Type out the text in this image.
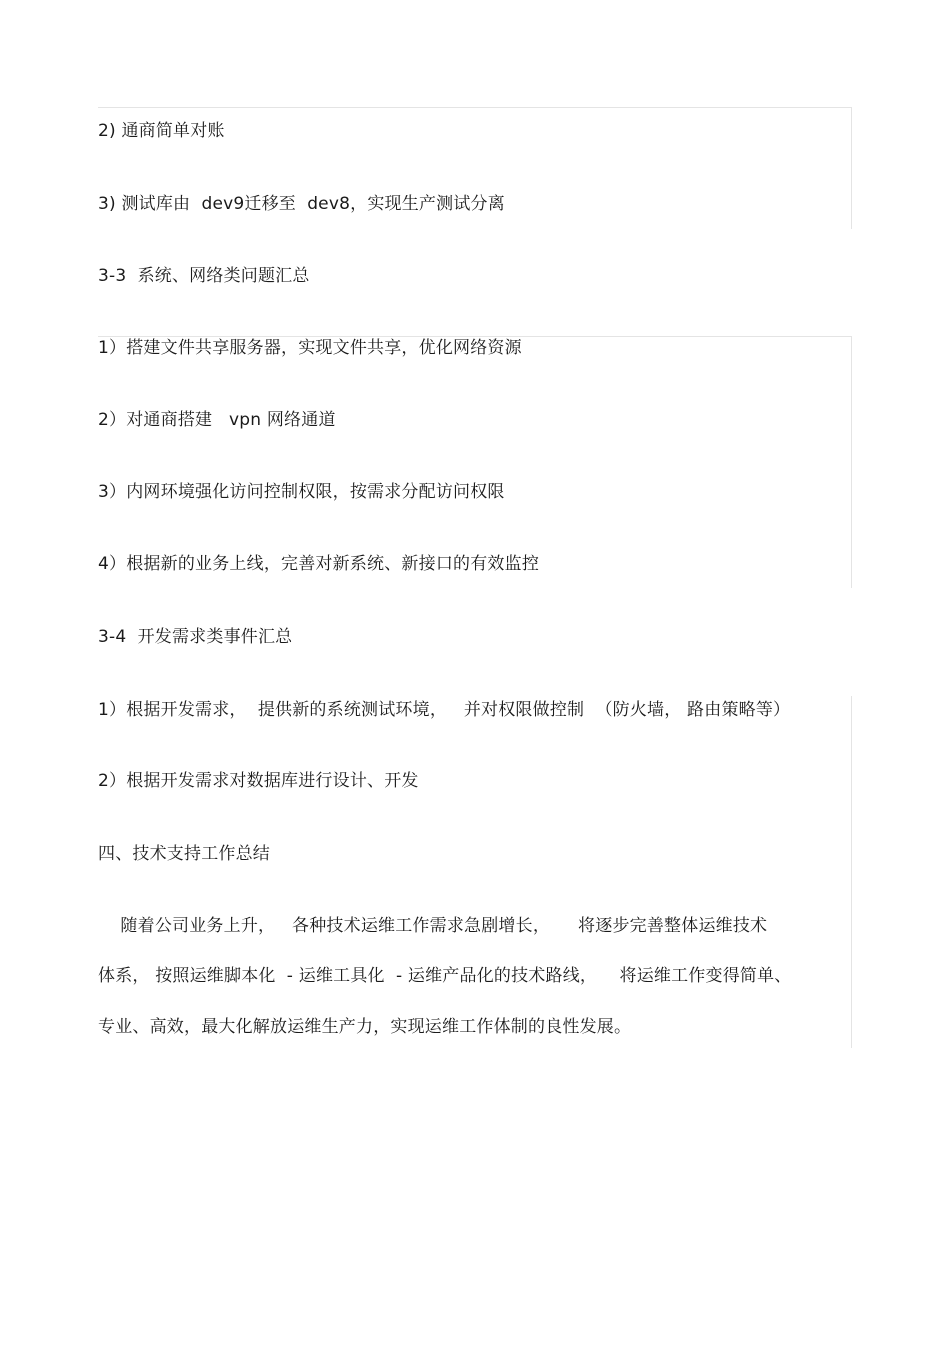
2) 通商简单对账
3) 测试库由  dev9迁移至  dev8，实现生产测试分离
3-3  系统、网络类问题汇总
1）搭建文件共享服务器，实现文件共享，优化网络资源
2）对通商搭建   vpn 网络通道
3）内网环境强化访问控制权限，按需求分配访问权限
4）根据新的业务上线，完善对新系统、新接口的有效监控
3-4  开发需求类事件汇总
1）根据开发需求，  提供新的系统测试环境，   并对权限做控制  （防火墙， 路由策略等）
2）根据开发需求对数据库进行设计、开发
四、技术支持工作总结
随着公司业务上升，   各种技术运维工作需求急剧增长，     将逐步完善整体运维技术
体系， 按照运维脚本化  - 运维工具化  - 运维产品化的技术路线，    将运维工作变得简单、
专业、高效，最大化解放运维生产力，实现运维工作体制的良性发展。
